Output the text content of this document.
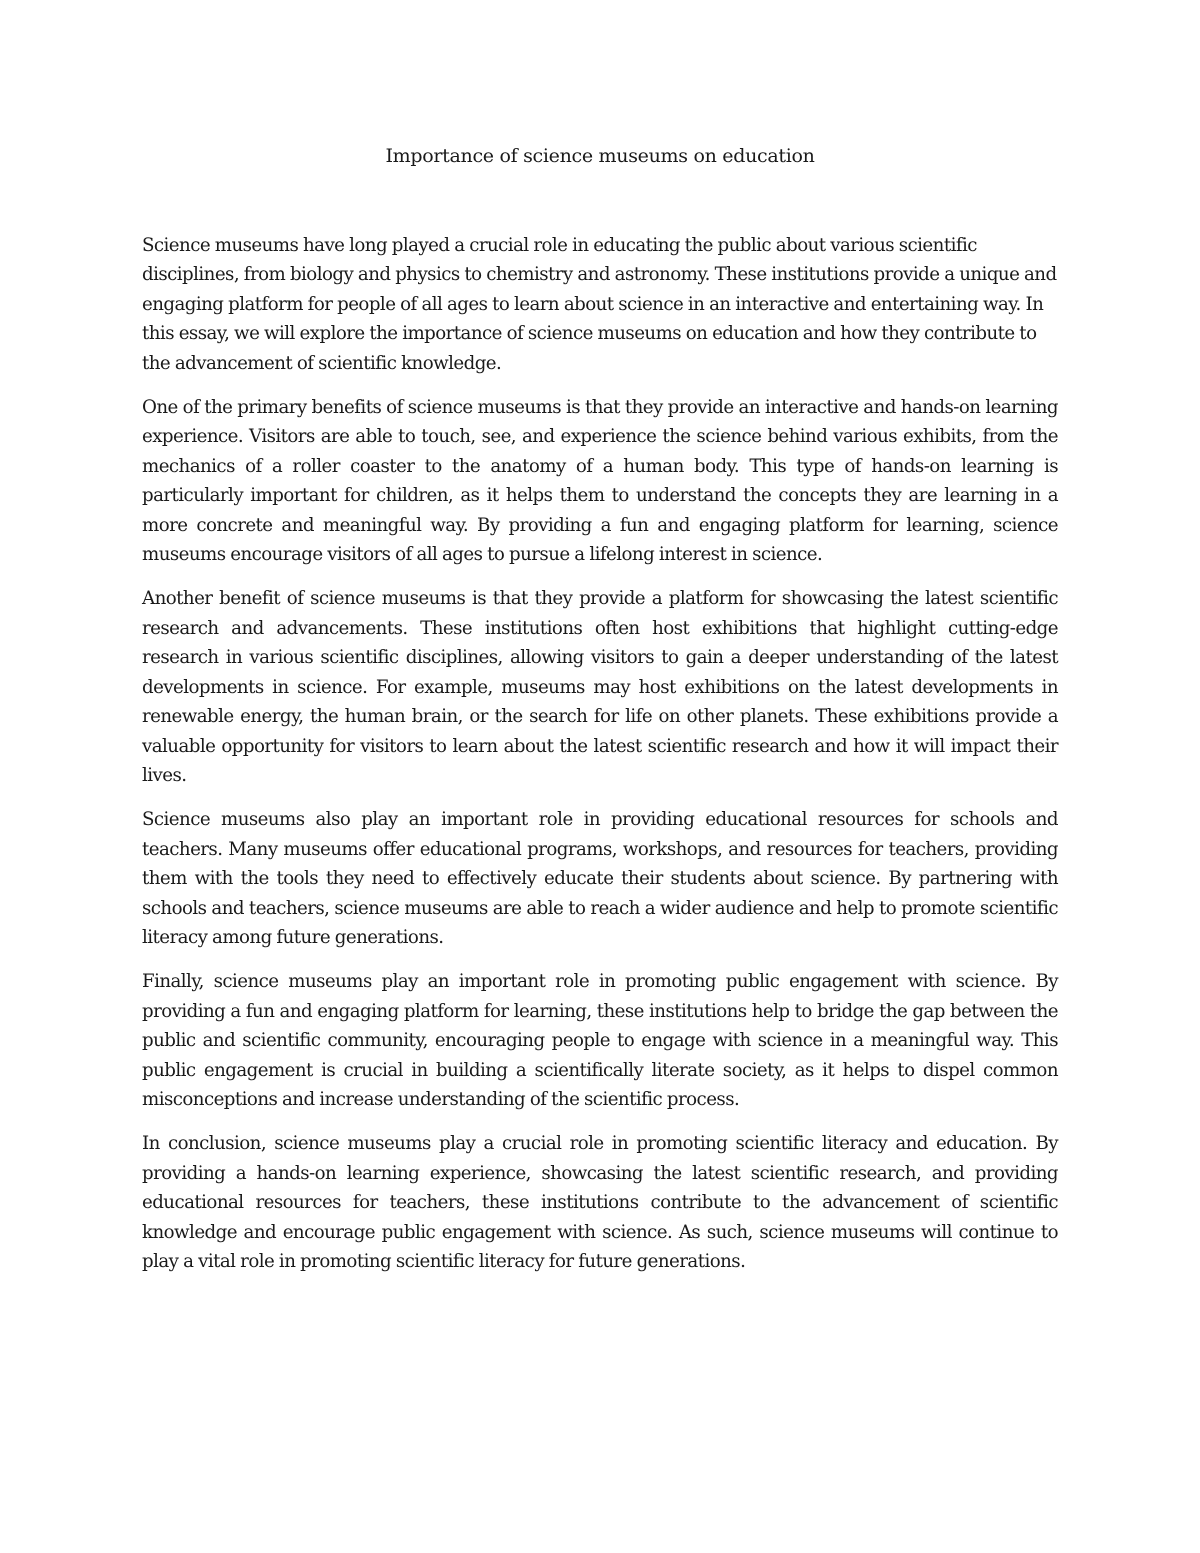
Importance of science museums on education

Science museums have long played a crucial role in educating the public about various scientific disciplines, from biology and physics to chemistry and astronomy. These institutions provide a unique and engaging platform for people of all ages to learn about science in an interactive and entertaining way. In this essay, we will explore the importance of science museums on education and how they contribute to the advancement of scientific knowledge.

One of the primary benefits of science museums is that they provide an interactive and hands-on learning experience. Visitors are able to touch, see, and experience the science behind various exhibits, from the mechanics of a roller coaster to the anatomy of a human body. This type of hands-on learning is particularly important for children, as it helps them to understand the concepts they are learning in a more concrete and meaningful way. By providing a fun and engaging platform for learning, science museums encourage visitors of all ages to pursue a lifelong interest in science.

Another benefit of science museums is that they provide a platform for showcasing the latest scientific research and advancements. These institutions often host exhibitions that highlight cutting-edge research in various scientific disciplines, allowing visitors to gain a deeper understanding of the latest developments in science. For example, museums may host exhibitions on the latest developments in renewable energy, the human brain, or the search for life on other planets. These exhibitions provide a valuable opportunity for visitors to learn about the latest scientific research and how it will impact their lives.

Science museums also play an important role in providing educational resources for schools and teachers. Many museums offer educational programs, workshops, and resources for teachers, providing them with the tools they need to effectively educate their students about science. By partnering with schools and teachers, science museums are able to reach a wider audience and help to promote scientific literacy among future generations.

Finally, science museums play an important role in promoting public engagement with science. By providing a fun and engaging platform for learning, these institutions help to bridge the gap between the public and scientific community, encouraging people to engage with science in a meaningful way. This public engagement is crucial in building a scientifically literate society, as it helps to dispel common misconceptions and increase understanding of the scientific process.

In conclusion, science museums play a crucial role in promoting scientific literacy and education. By providing a hands-on learning experience, showcasing the latest scientific research, and providing educational resources for teachers, these institutions contribute to the advancement of scientific knowledge and encourage public engagement with science. As such, science museums will continue to play a vital role in promoting scientific literacy for future generations.
